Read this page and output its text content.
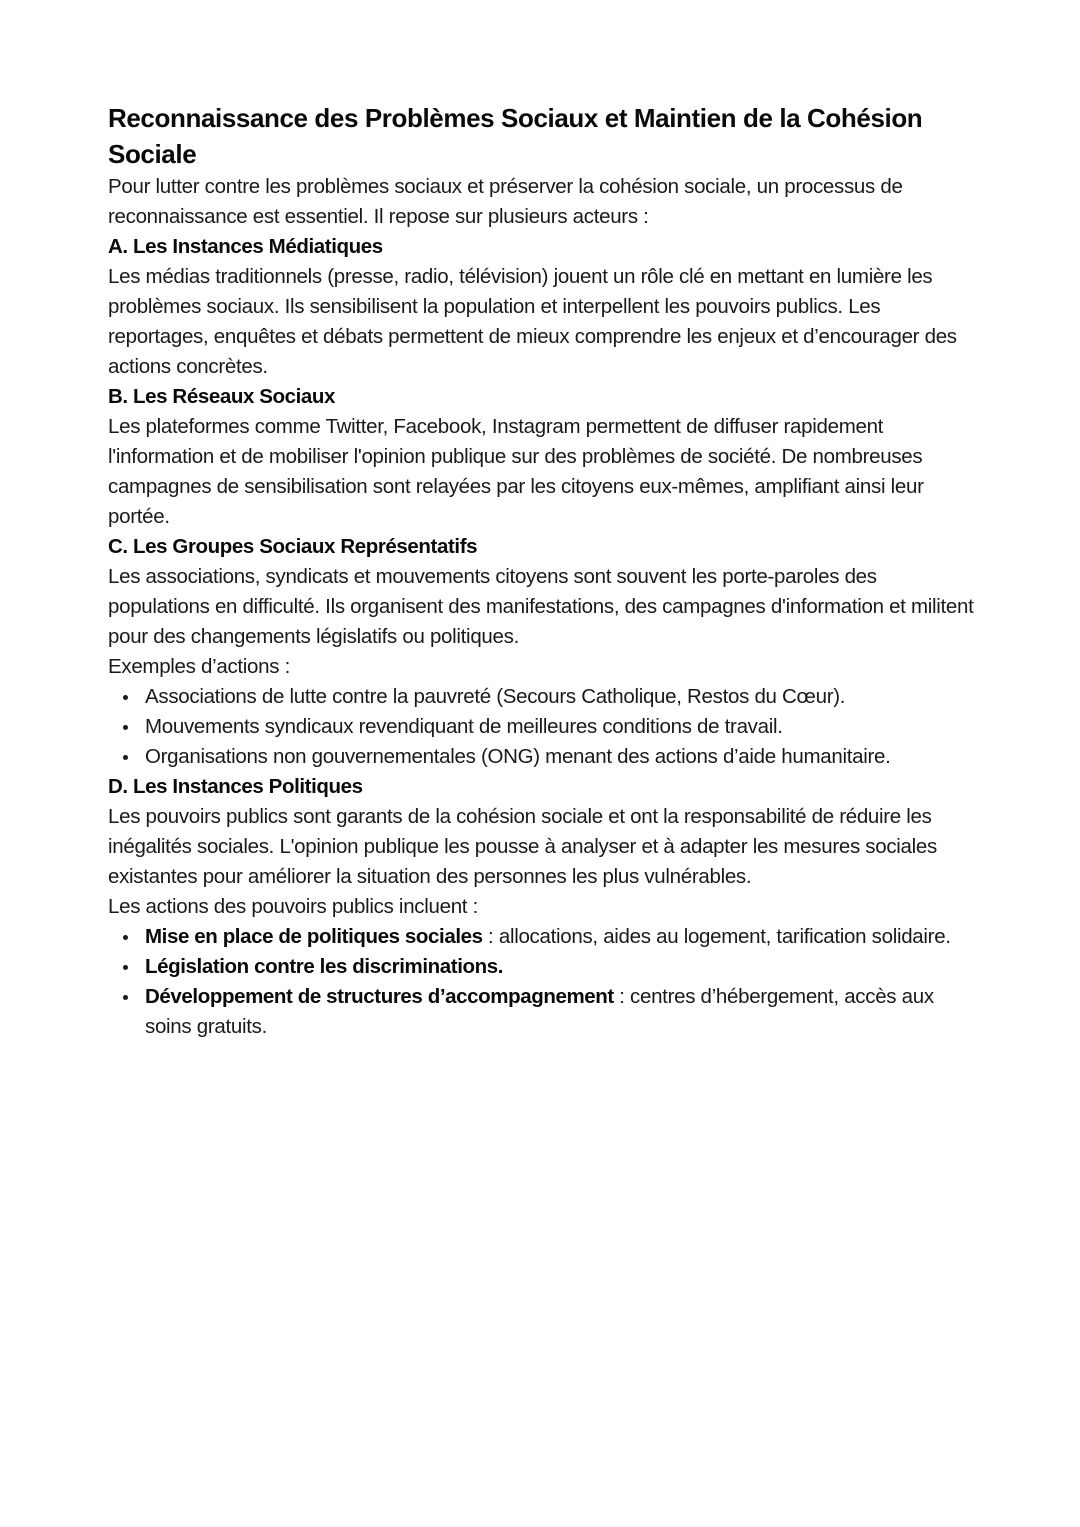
Reconnaissance des Problèmes Sociaux et Maintien de la Cohésion Sociale

Pour lutter contre les problèmes sociaux et préserver la cohésion sociale, un processus de reconnaissance est essentiel. Il repose sur plusieurs acteurs :

A. Les Instances Médiatiques

Les médias traditionnels (presse, radio, télévision) jouent un rôle clé en mettant en lumière les problèmes sociaux. Ils sensibilisent la population et interpellent les pouvoirs publics. Les reportages, enquêtes et débats permettent de mieux comprendre les enjeux et d’encourager des actions concrètes.

B. Les Réseaux Sociaux

Les plateformes comme Twitter, Facebook, Instagram permettent de diffuser rapidement l'information et de mobiliser l'opinion publique sur des problèmes de société. De nombreuses campagnes de sensibilisation sont relayées par les citoyens eux-mêmes, amplifiant ainsi leur portée.

C. Les Groupes Sociaux Représentatifs

Les associations, syndicats et mouvements citoyens sont souvent les porte-paroles des populations en difficulté. Ils organisent des manifestations, des campagnes d'information et militent pour des changements législatifs ou politiques.

Exemples d’actions :

Associations de lutte contre la pauvreté (Secours Catholique, Restos du Cœur).
Mouvements syndicaux revendiquant de meilleures conditions de travail.
Organisations non gouvernementales (ONG) menant des actions d’aide humanitaire.
D. Les Instances Politiques

Les pouvoirs publics sont garants de la cohésion sociale et ont la responsabilité de réduire les inégalités sociales. L'opinion publique les pousse à analyser et à adapter les mesures sociales existantes pour améliorer la situation des personnes les plus vulnérables.

Les actions des pouvoirs publics incluent :

Mise en place de politiques sociales : allocations, aides au logement, tarification solidaire.
Législation contre les discriminations.
Développement de structures d’accompagnement : centres d’hébergement, accès aux soins gratuits.
